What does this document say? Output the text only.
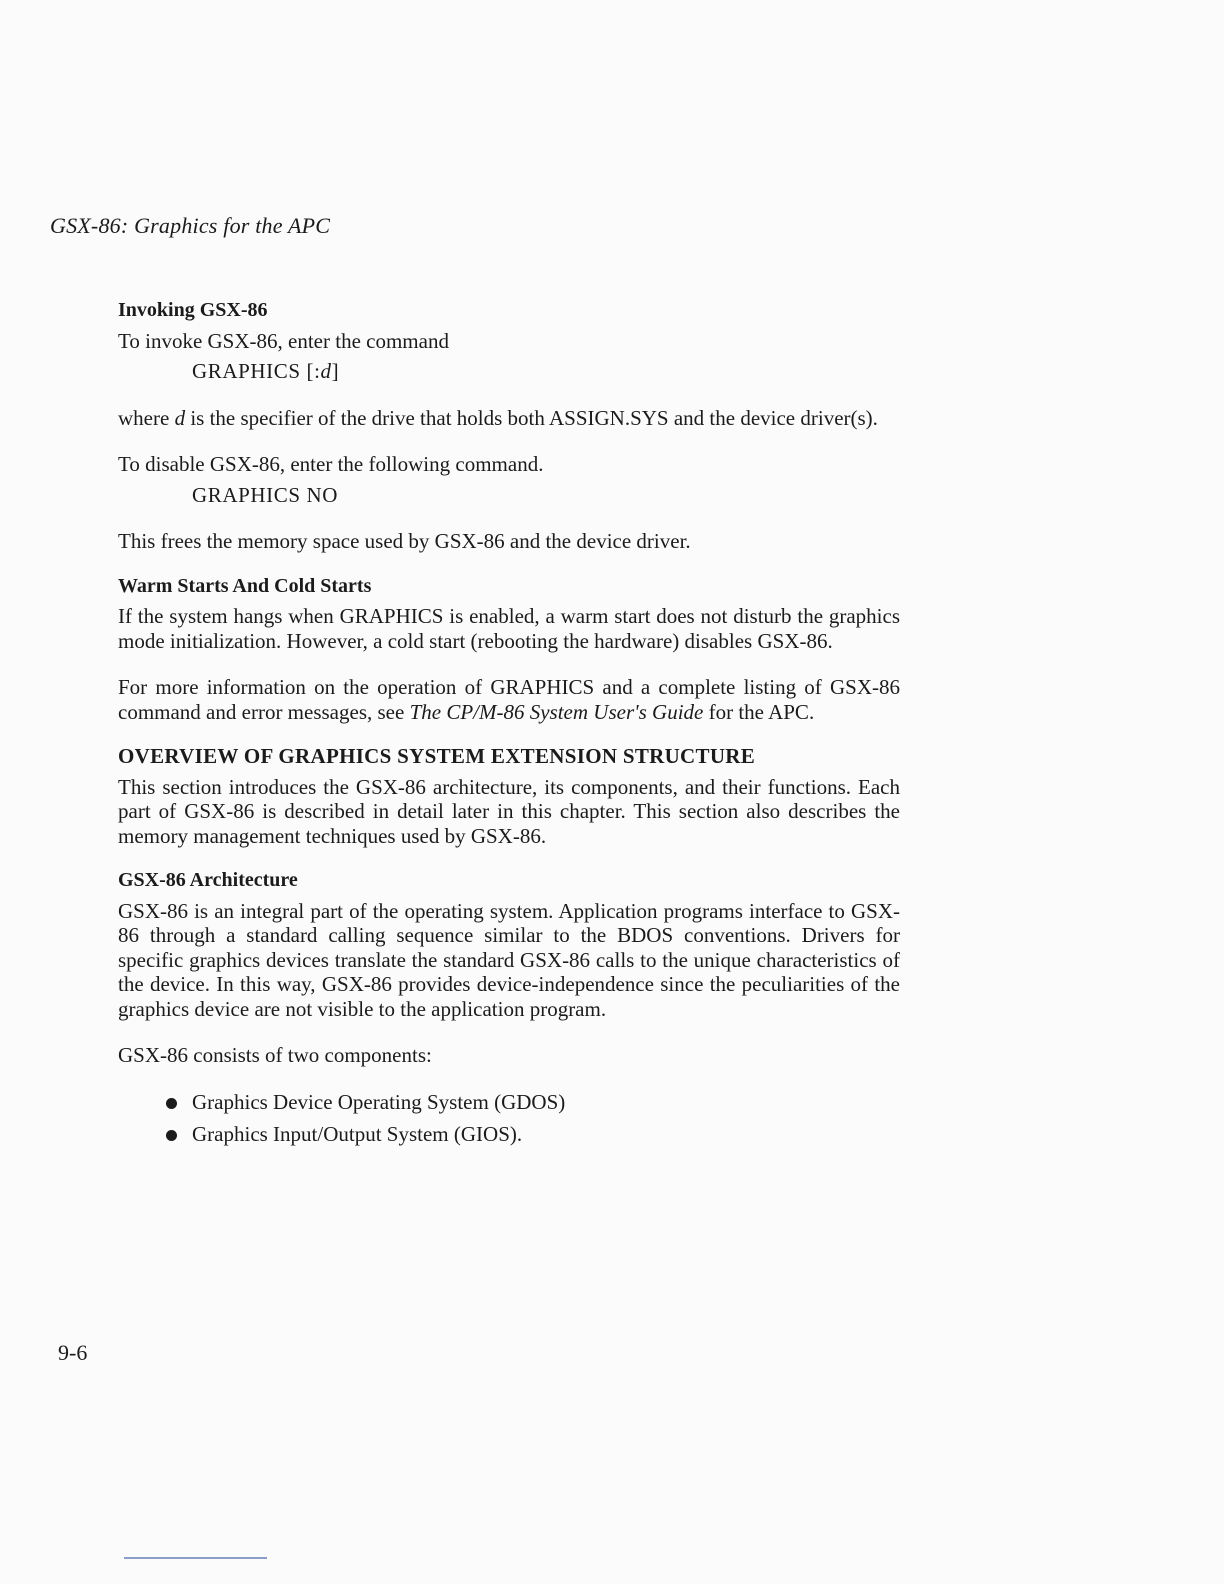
GSX-86: Graphics for the APC
Invoking GSX-86

To invoke GSX-86, enter the command

GRAPHICS [:d]

where d is the specifier of the drive that holds both ASSIGN.SYS and the device driver(s).

To disable GSX-86, enter the following command.

GRAPHICS NO

This frees the memory space used by GSX-86 and the device driver.

Warm Starts And Cold Starts

If the system hangs when GRAPHICS is enabled, a warm start does not disturb the graphics mode initialization. However, a cold start (rebooting the hardware) disables GSX-86.

For more information on the operation of GRAPHICS and a complete listing of GSX-86 command and error messages, see The CP/M-86 System User's Guide for the APC.

OVERVIEW OF GRAPHICS SYSTEM EXTENSION STRUCTURE

This section introduces the GSX-86 architecture, its components, and their functions. Each part of GSX-86 is described in detail later in this chapter. This section also describes the memory management techniques used by GSX-86.

GSX-86 Architecture

GSX-86 is an integral part of the operating system. Application programs interface to GSX-86 through a standard calling sequence similar to the BDOS conventions. Drivers for specific graphics devices translate the standard GSX-86 calls to the unique characteristics of the device. In this way, GSX-86 provides device-independence since the peculiarities of the graphics device are not visible to the application program.

GSX-86 consists of two components:

Graphics Device Operating System (GDOS)
Graphics Input/Output System (GIOS).
9-6
